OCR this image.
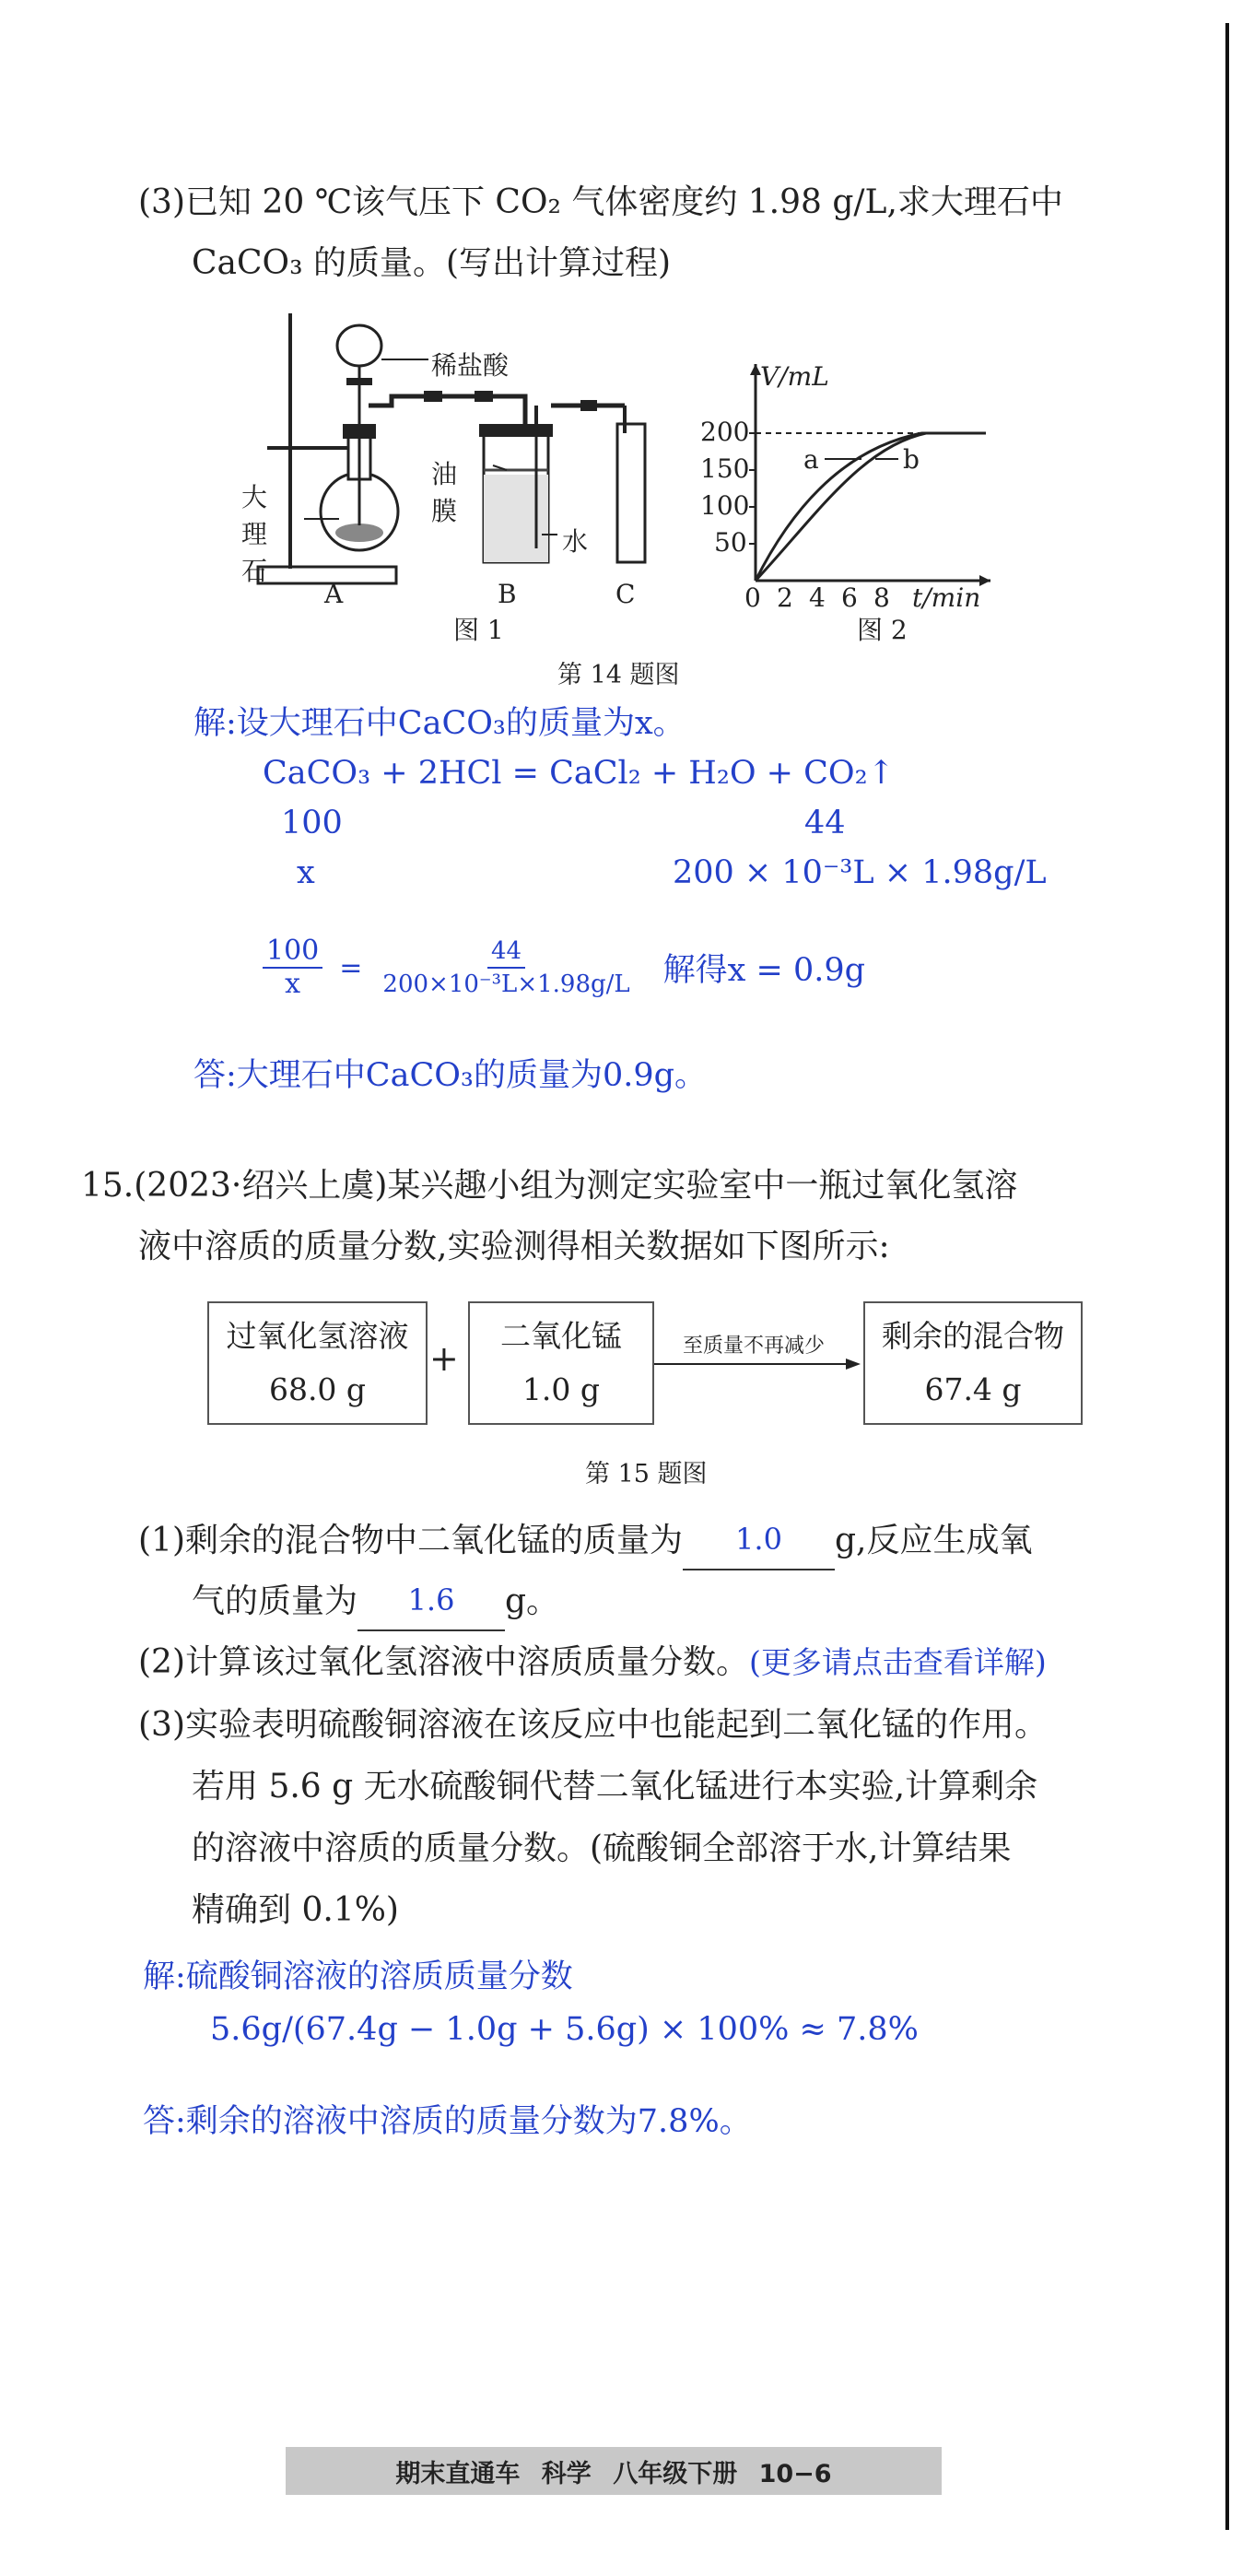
(3)已知 20 ℃该气压下 CO₂ 气体密度约 1.98 g/L,求大理石中
CaCO₃ 的质量。(写出计算过程)
稀盐酸
大理石
油膜
水
A	B	C
图 1
V/mL
200
150
100
50
0 2 4 6 8 t/min
a	b
图 2
第 14 题图
解:设大理石中CaCO₃的质量为x。
CaCO₃ + 2HCl = CaCl₂ + H₂O + CO₂↑
100	44
x	200 × 10⁻³L × 1.98g/L
$\frac{100}{x} = \frac{44}{\text{200×10⁻³L×1.98g/L}}$ 解得x = 0.9g
答:大理石中CaCO₃的质量为0.9g。
15.(2023·绍兴上虞)某兴趣小组为测定实验室中一瓶过氧化氢溶
液中溶质的质量分数,实验测得相关数据如下图所示:
过氧化氢溶液
68.0 g
+
二氧化锰
1.0 g
至质量不再减少	剩余的混合物
67.4 g
第 15 题图
(1)剩余的混合物中二氧化锰的质量为	1.0	g,反应生成氧
气的质量为	1.6	g。
(2)计算该过氧化氢溶液中溶质质量分数。(更多请点击查看详解)
(3)实验表明硫酸铜溶液在该反应中也能起到二氧化锰的作用。
若用 5.6 g 无水硫酸铜代替二氧化锰进行本实验,计算剩余
的溶液中溶质的质量分数。(硫酸铜全部溶于水,计算结果
精确到 0.1%)
解:硫酸铜溶液的溶质质量分数
5.6g/(67.4g − 1.0g + 5.6g) × 100% ≈ 7.8%
答:剩余的溶液中溶质的质量分数为7.8%。
期末直通车 科学 八年级下册 10−6
